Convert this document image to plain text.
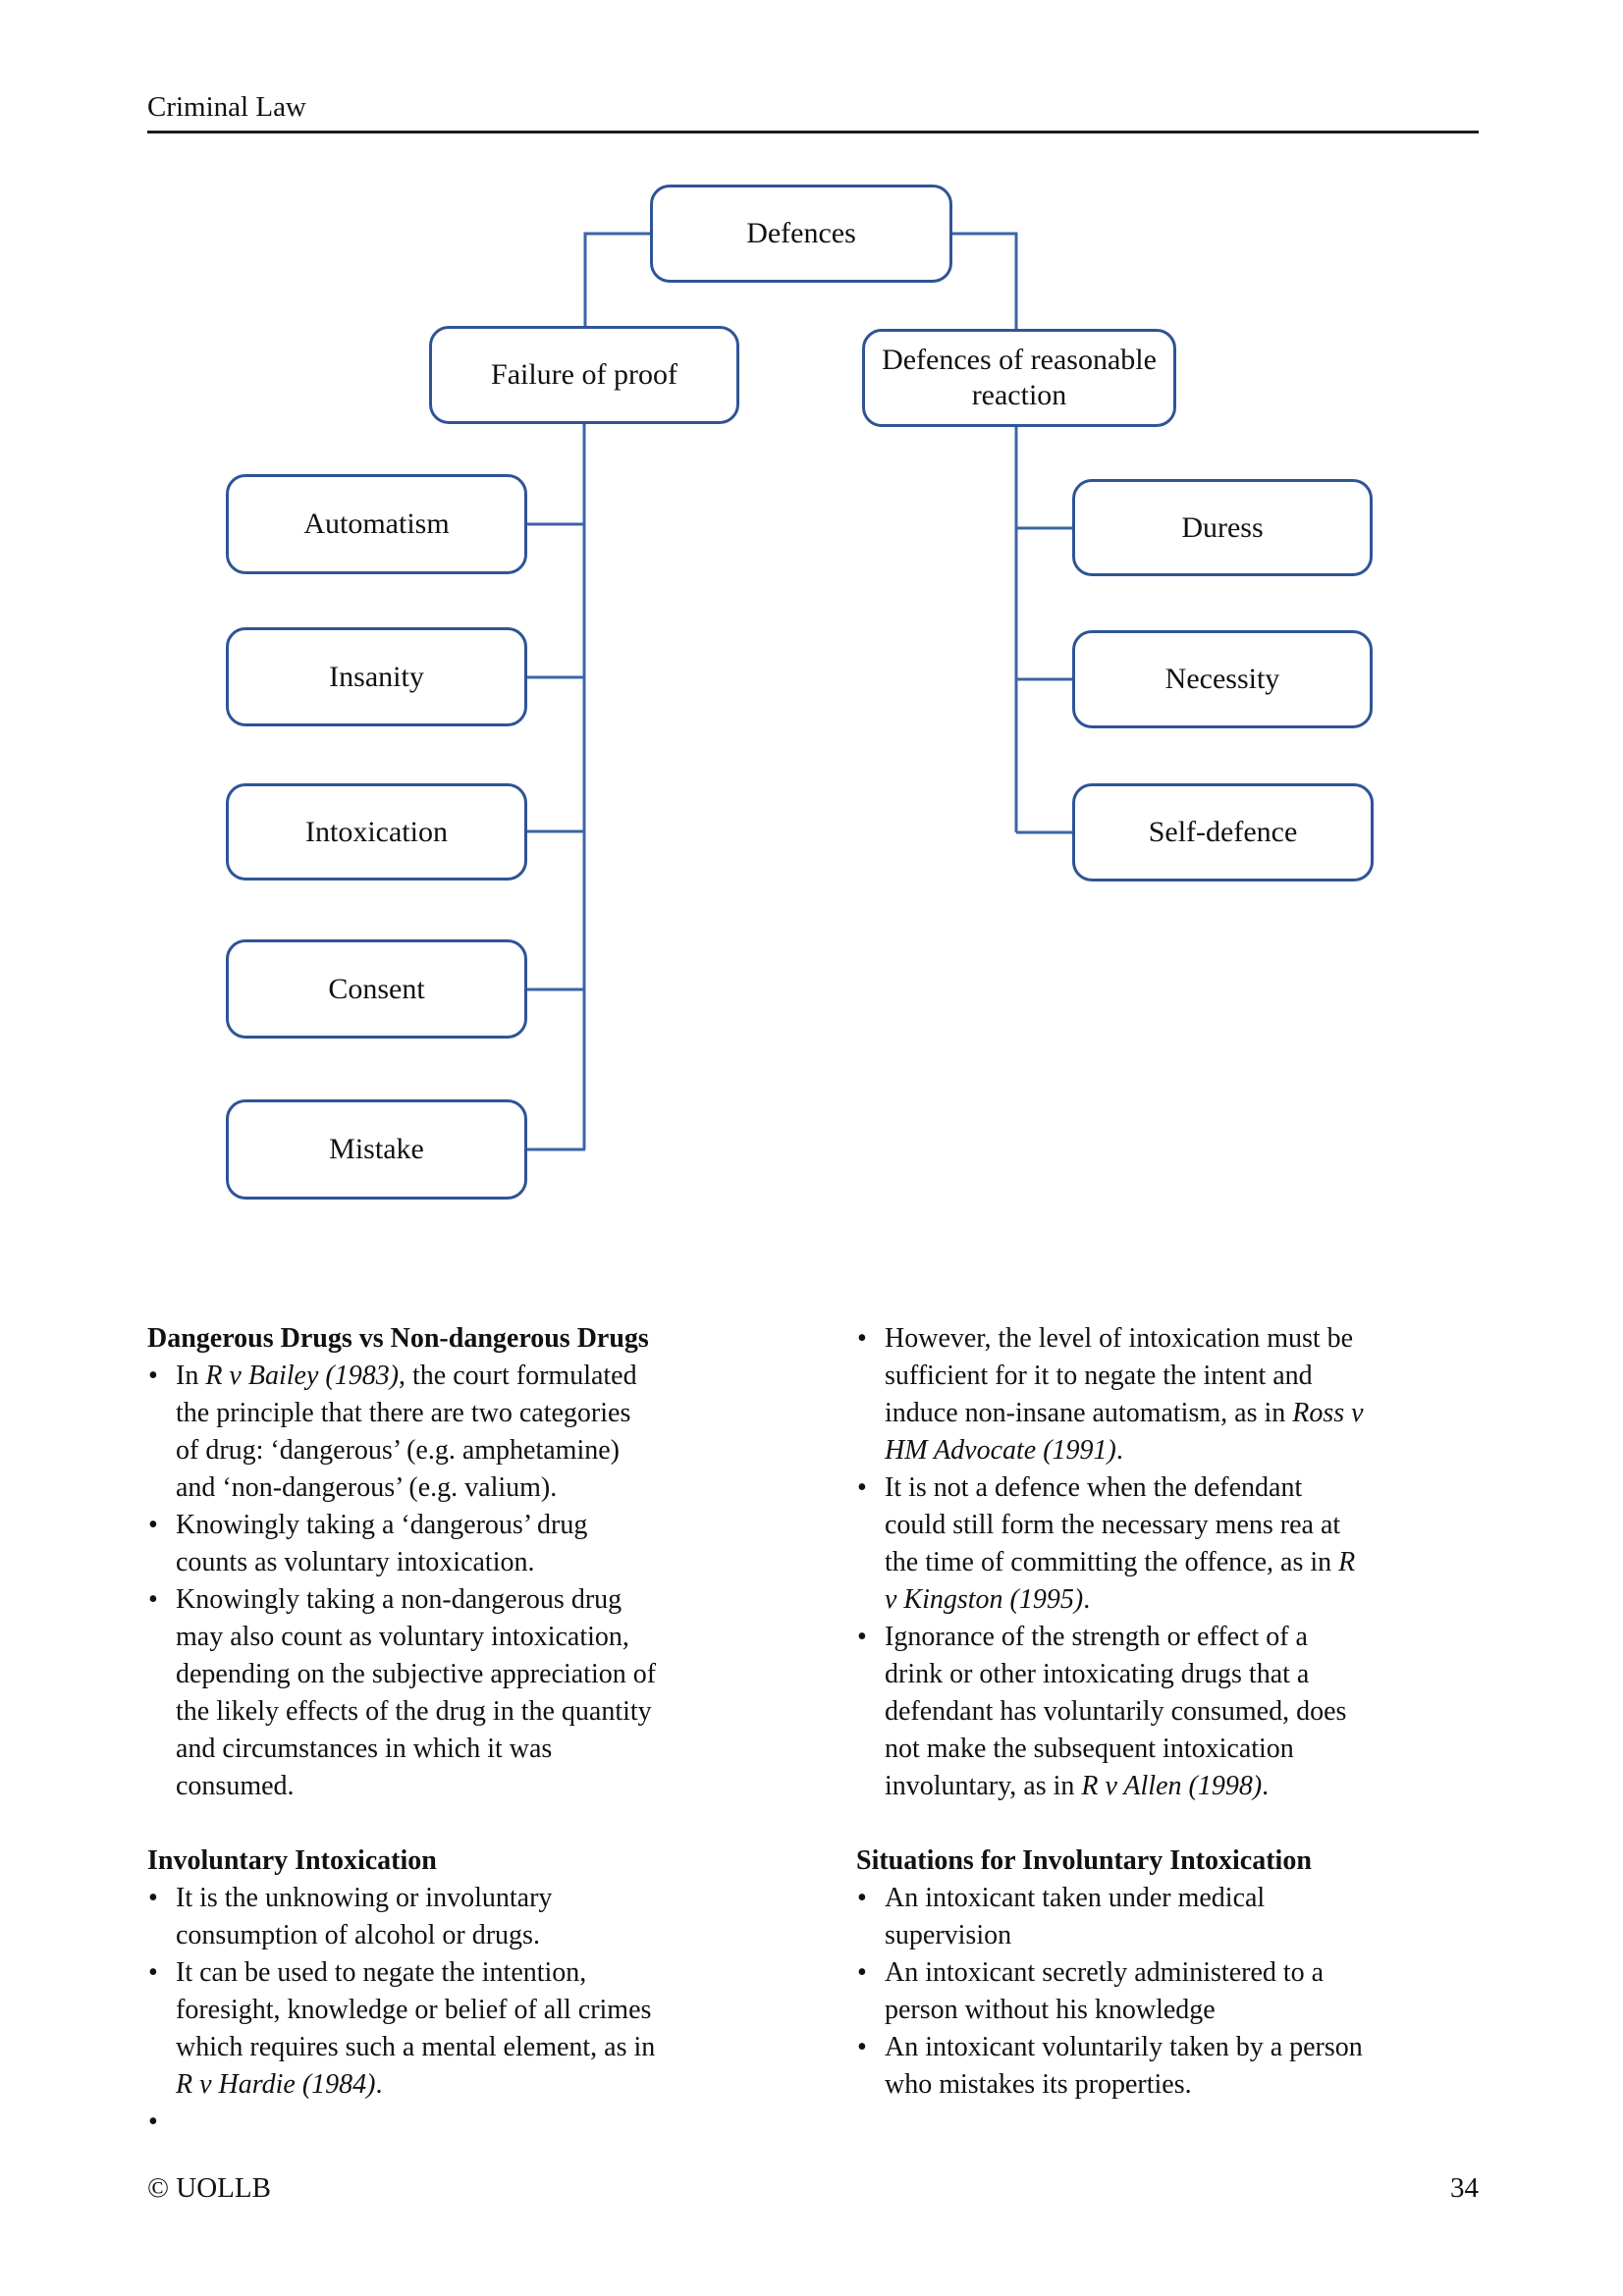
Criminal Law
Defences
Failure of proof	Defences of reasonable reaction
Automatism
Insanity
Intoxication
Consent
Mistake
Duress
Necessity
Self-defence
Dangerous Drugs vs Non-dangerous Drugs
• In R v Bailey (1983), the court formulated
the principle that there are two categories
of drug: ‘dangerous’ (e.g. amphetamine)
and ‘non-dangerous’ (e.g. valium).
• Knowingly taking a ‘dangerous’ drug
counts as voluntary intoxication.
• Knowingly taking a non-dangerous drug
may also count as voluntary intoxication,
depending on the subjective appreciation of
the likely effects of the drug in the quantity
and circumstances in which it was
consumed.
Involuntary Intoxication
• It is the unknowing or involuntary
consumption of alcohol or drugs.
• It can be used to negate the intention,
foresight, knowledge or belief of all crimes
which requires such a mental element, as in
R v Hardie (1984).
•
• However, the level of intoxication must be
sufficient for it to negate the intent and
induce non-insane automatism, as in Ross v
HM Advocate (1991).
• It is not a defence when the defendant
could still form the necessary mens rea at
the time of committing the offence, as in R
v Kingston (1995).
• Ignorance of the strength or effect of a
drink or other intoxicating drugs that a
defendant has voluntarily consumed, does
not make the subsequent intoxication
involuntary, as in R v Allen (1998).
Situations for Involuntary Intoxication
• An intoxicant taken under medical
supervision
• An intoxicant secretly administered to a
person without his knowledge
• An intoxicant voluntarily taken by a person
who mistakes its properties.
© UOLLB	34
